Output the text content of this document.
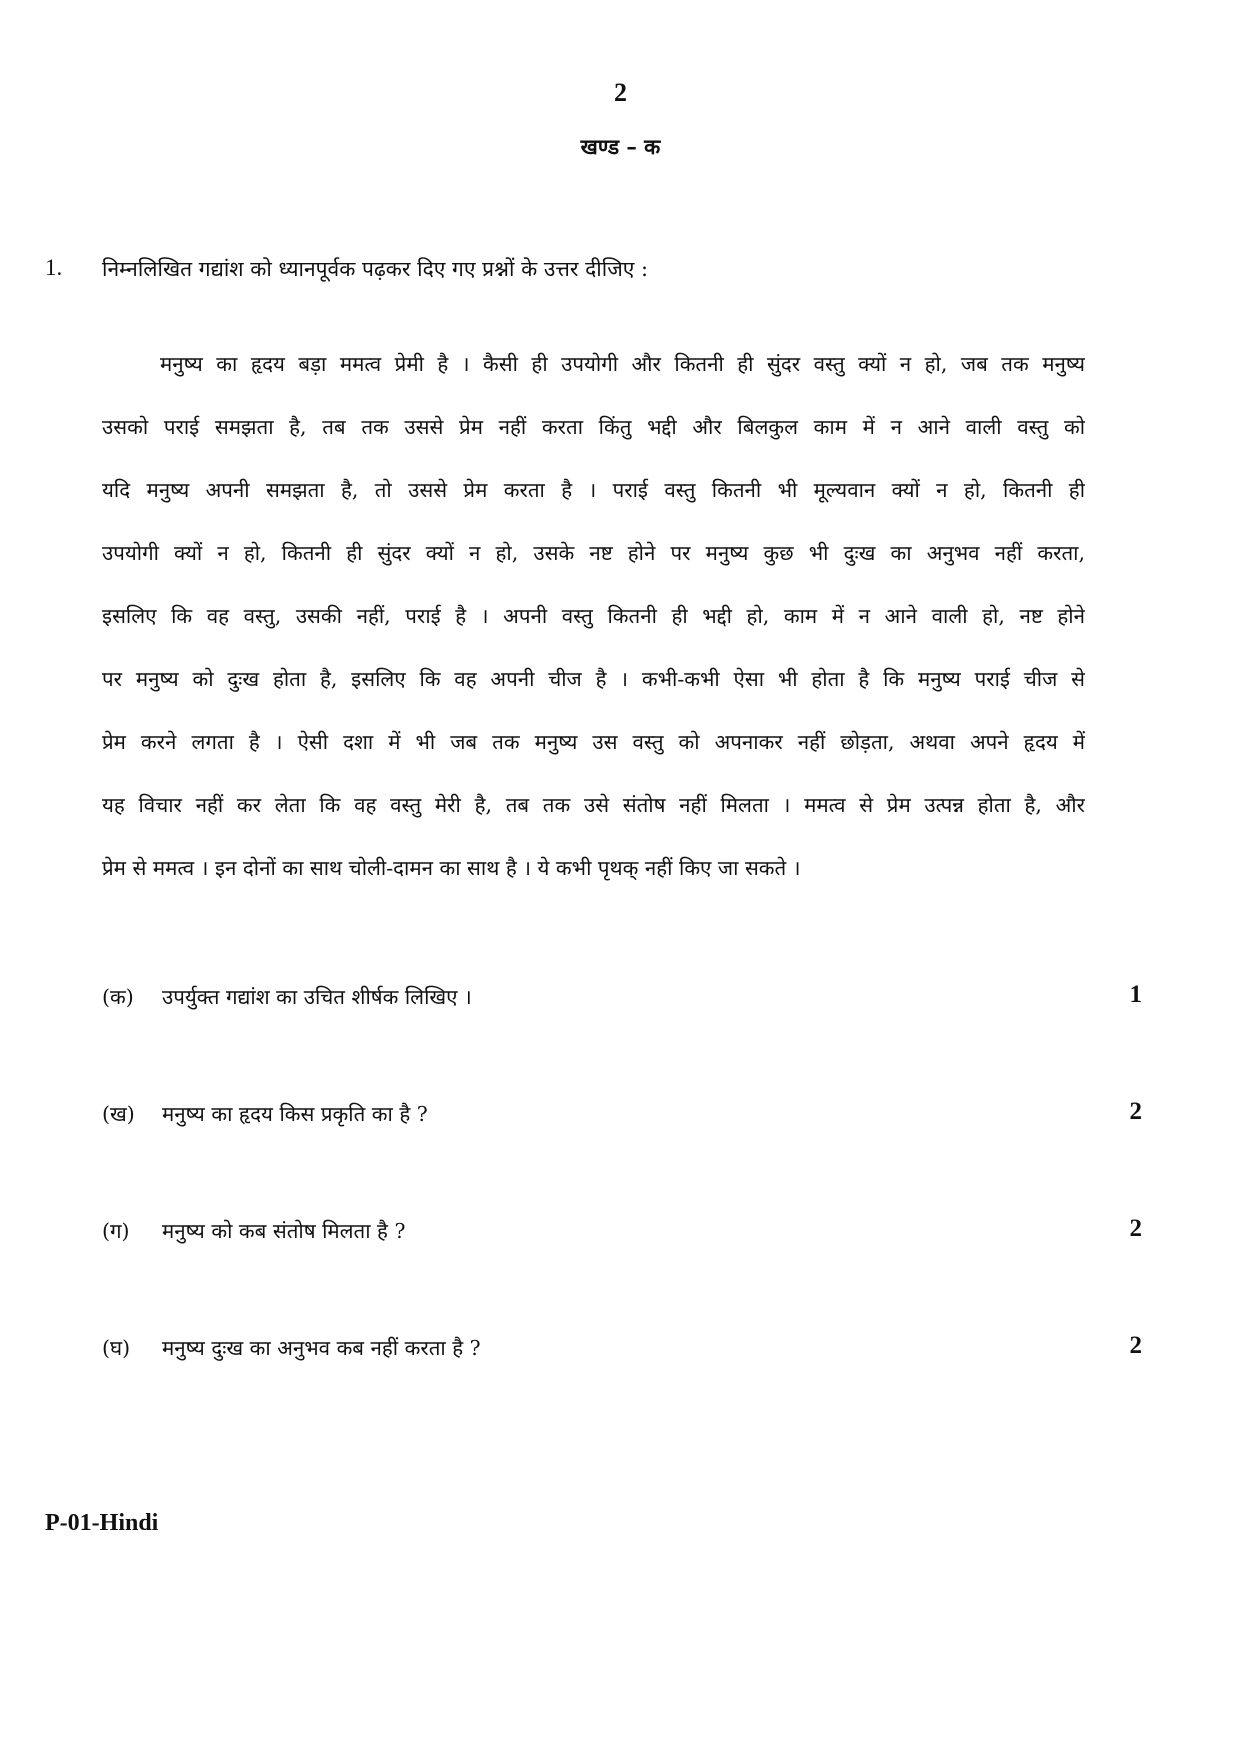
2
खण्ड – क
1. निम्नलिखित गद्यांश को ध्यानपूर्वक पढ़कर दिए गए प्रश्नों के उत्तर दीजिए :
मनुष्य का हृदय बड़ा ममत्व प्रेमी है । कैसी ही उपयोगी और कितनी ही सुंदर वस्तु क्यों न हो, जब तक मनुष्य
उसको पराई समझता है, तब तक उससे प्रेम नहीं करता किंतु भद्दी और बिलकुल काम में न आने वाली वस्तु को
यदि मनुष्य अपनी समझता है, तो उससे प्रेम करता है । पराई वस्तु कितनी भी मूल्यवान क्यों न हो, कितनी ही
उपयोगी क्यों न हो, कितनी ही सुंदर क्यों न हो, उसके नष्ट होने पर मनुष्य कुछ भी दुःख का अनुभव नहीं करता,
इसलिए कि वह वस्तु, उसकी नहीं, पराई है । अपनी वस्तु कितनी ही भद्दी हो, काम में न आने वाली हो, नष्ट होने
पर मनुष्य को दुःख होता है, इसलिए कि वह अपनी चीज है । कभी-कभी ऐसा भी होता है कि मनुष्य पराई चीज से
प्रेम करने लगता है । ऐसी दशा में भी जब तक मनुष्य उस वस्तु को अपनाकर नहीं छोड़ता, अथवा अपने हृदय में
यह विचार नहीं कर लेता कि वह वस्तु मेरी है, तब तक उसे संतोष नहीं मिलता । ममत्व से प्रेम उत्पन्न होता है, और
प्रेम से ममत्व । इन दोनों का साथ चोली-दामन का साथ है । ये कभी पृथक् नहीं किए जा सकते ।
(क) उपर्युक्त गद्यांश का उचित शीर्षक लिखिए ।	1
(ख) मनुष्य का हृदय किस प्रकृति का है ?	2
(ग) मनुष्य को कब संतोष मिलता है ?	2
(घ) मनुष्य दुःख का अनुभव कब नहीं करता है ?	2
P-01-Hindi
